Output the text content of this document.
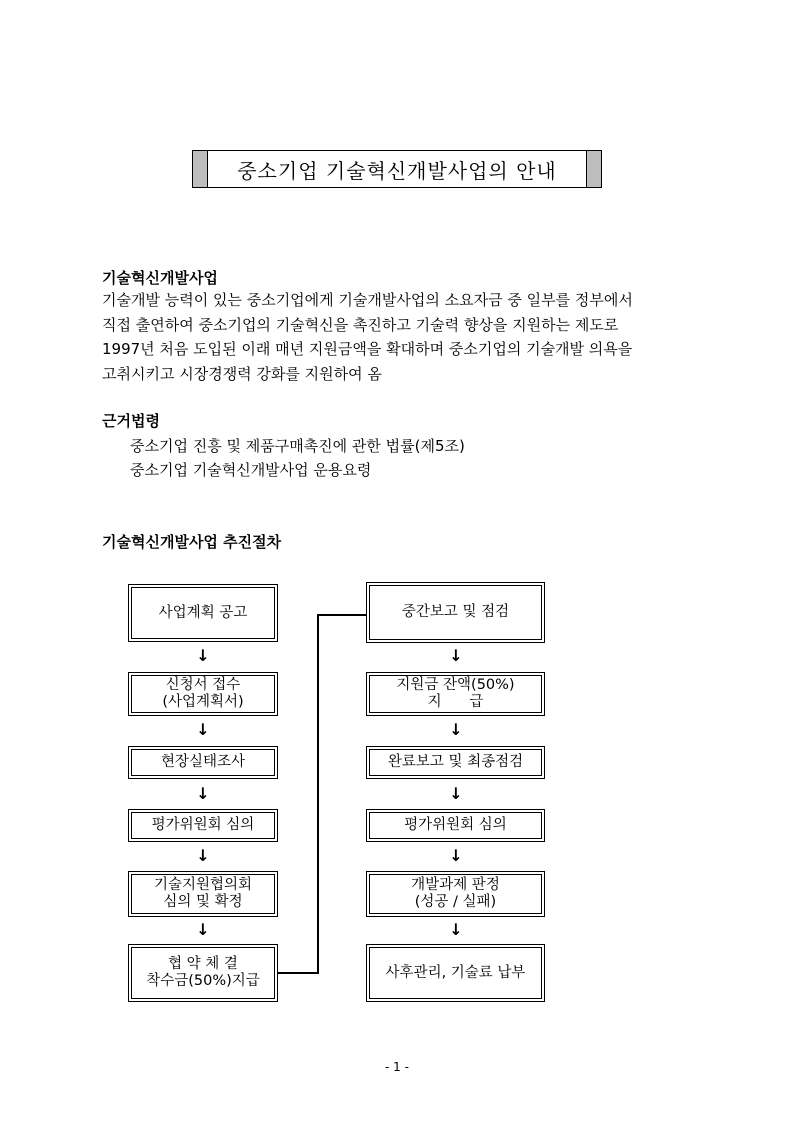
중소기업 기술혁신개발사업의 안내
기술혁신개발사업
기술개발 능력이 있는 중소기업에게 기술개발사업의 소요자금 중 일부를 정부에서
직접 출연하여 중소기업의 기술혁신을 촉진하고 기술력 향상을 지원하는 제도로
1997년 처음 도입된 이래 매년 지원금액을 확대하며 중소기업의 기술개발 의욕을
고취시키고 시장경쟁력 강화를 지원하여 옴
근거법령
중소기업 진흥 및 제품구매촉진에 관한 법률(제5조)
중소기업 기술혁신개발사업 운용요령
기술혁신개발사업 추진절차
사업계획 공고
↓
신청서 접수
(사업계획서)
↓
현장실태조사
↓
평가위원회 심의
↓
기술지원협의회
심의 및 확정
↓
협 약 체 결
착수금(50%)지급
중간보고 및 점검
↓
지원금 잔액(50%)
지      급
↓
완료보고 및 최종점검
↓
평가위원회 심의
↓
개발과제 판정
(성공 / 실패)
↓
사후관리, 기술료 납부
- 1 -
